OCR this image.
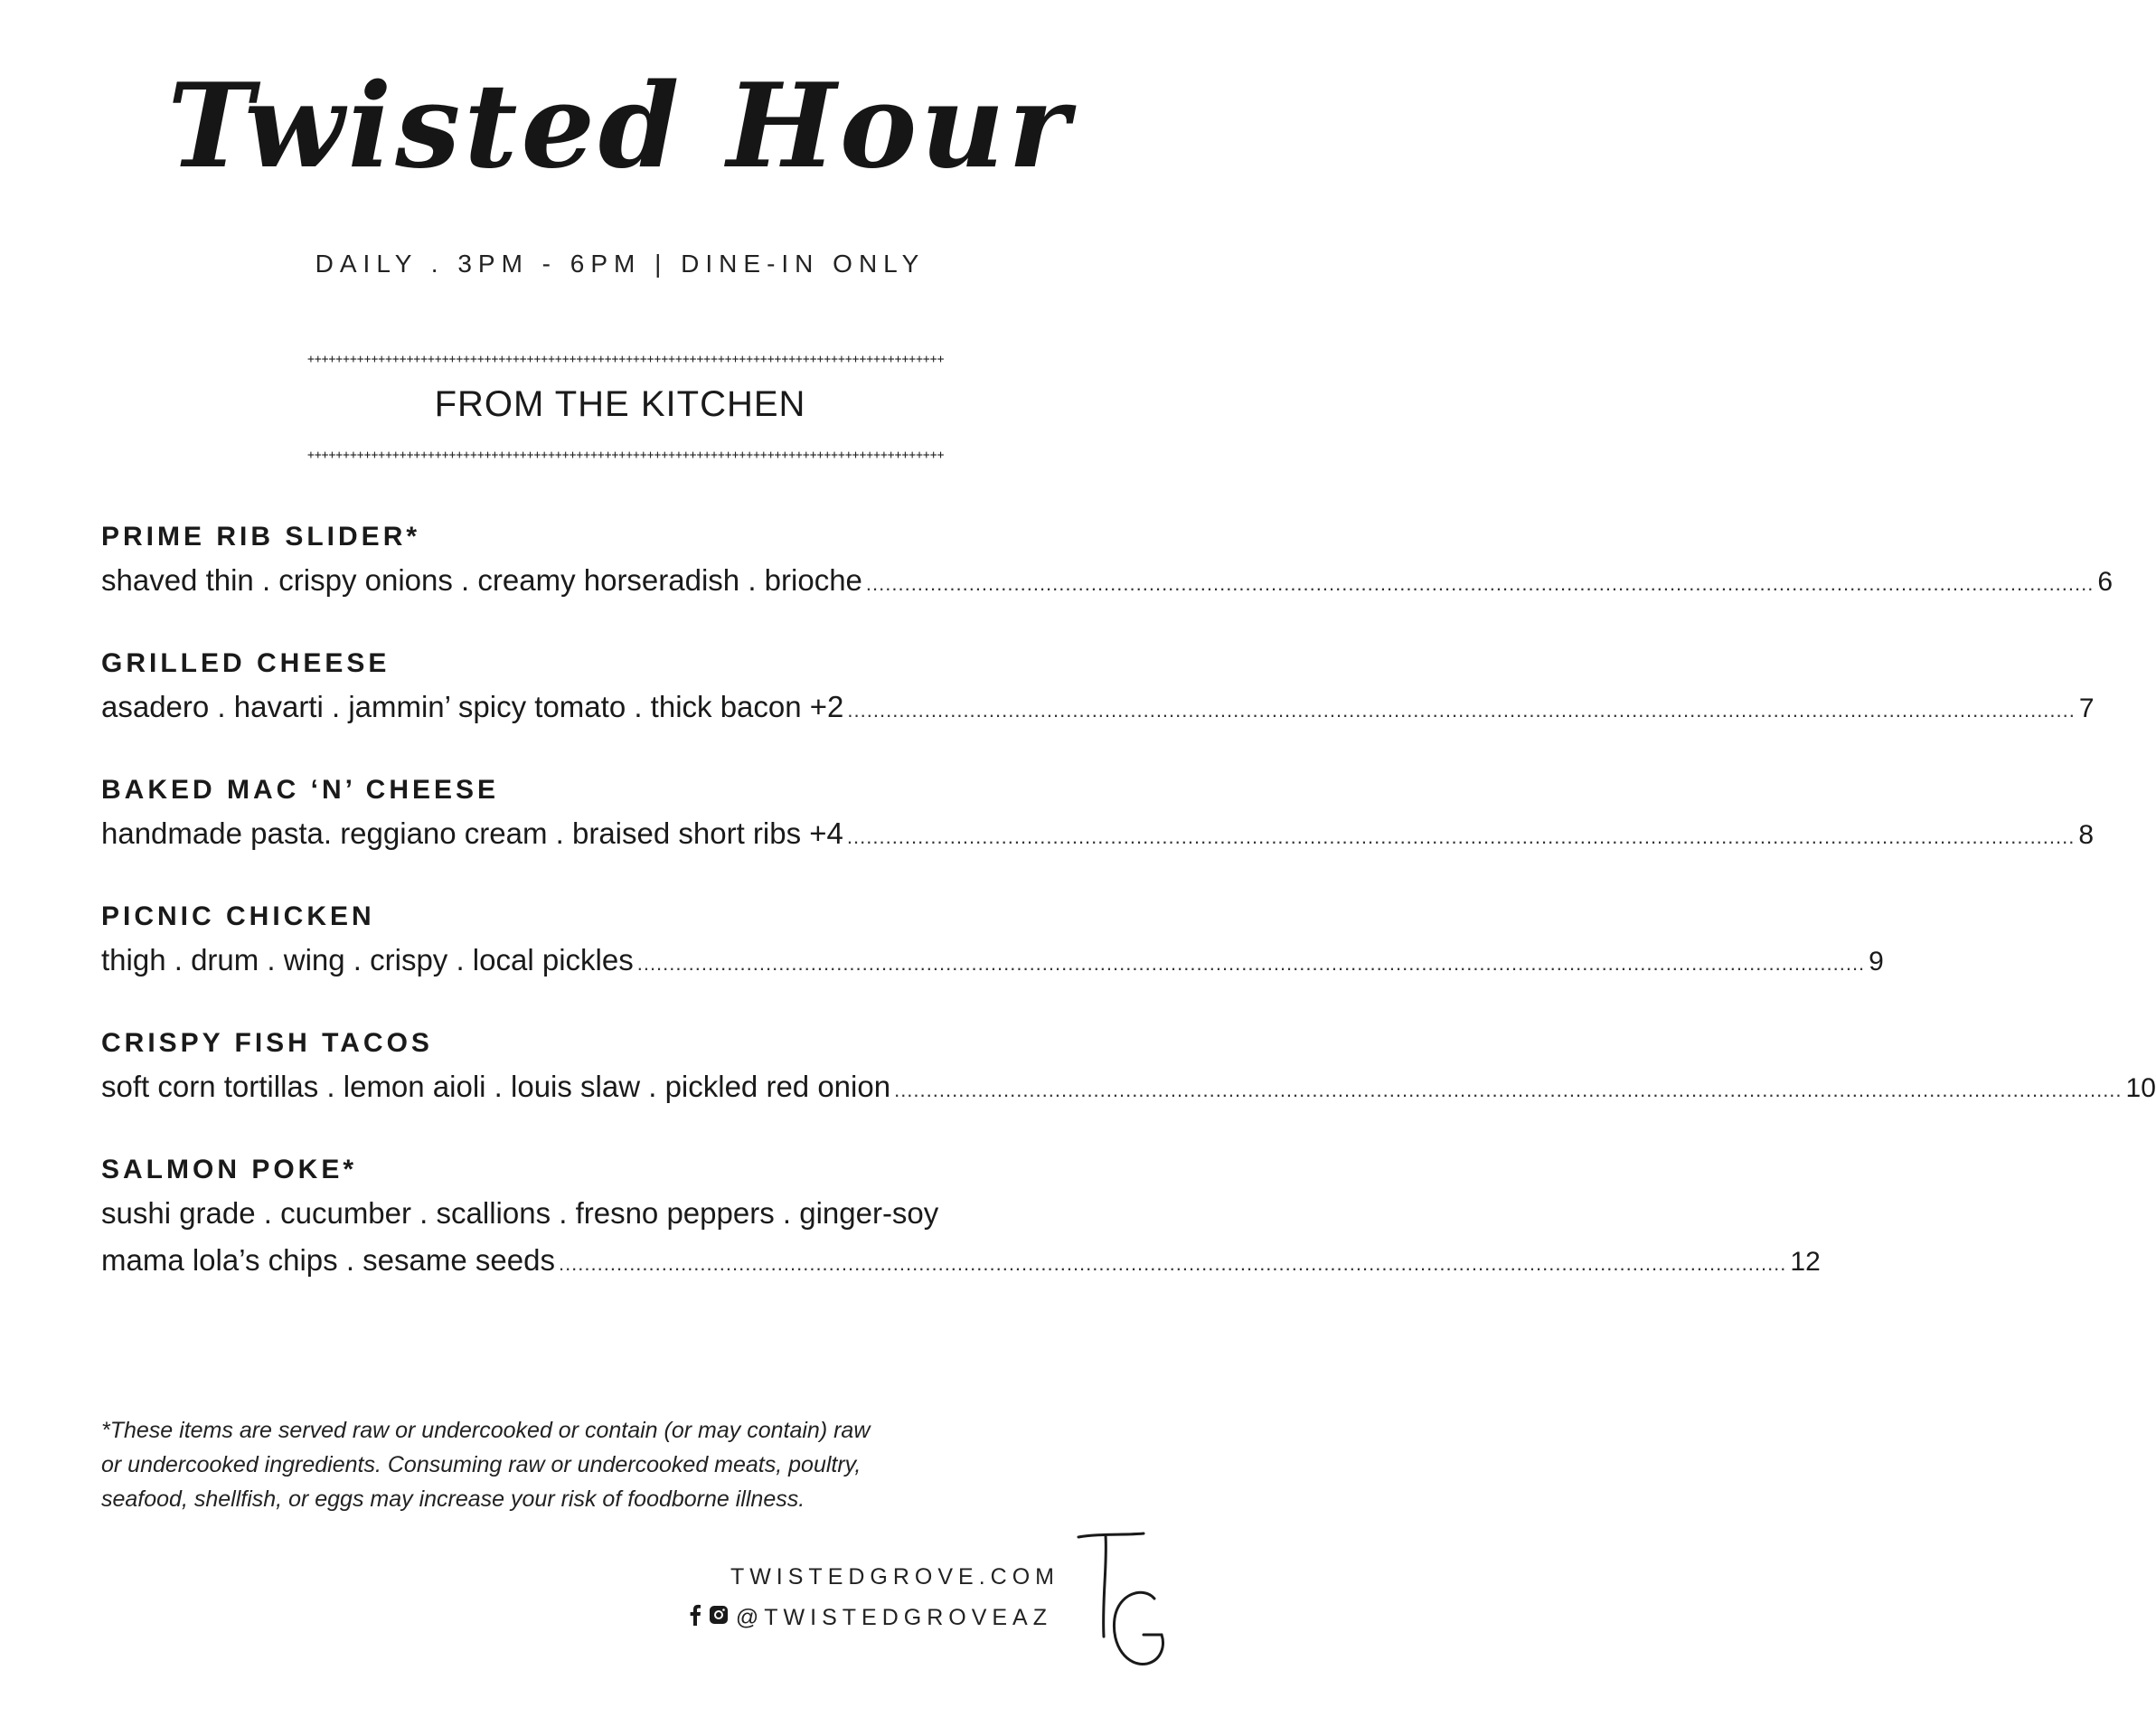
Twisted Hour
DAILY . 3PM - 6PM | DINE-IN ONLY
++++++++++++++++++++++++++++++++++++++++++++++++++++++++++++++++++++++++++++++++++++++++++
FROM THE KITCHEN
++++++++++++++++++++++++++++++++++++++++++++++++++++++++++++++++++++++++++++++++++++++++++
PRIME RIB SLIDER*
shaved thin . crispy onions . creamy horseradish . brioche ............................................................................................................................................................................................... 6
GRILLED CHEESE
asadero . havarti . jammin’ spicy tomato . thick bacon +2 ............................................................................................................................................................................................... 7
BAKED MAC ‘N’ CHEESE
handmade pasta. reggiano cream . braised short ribs +4 ............................................................................................................................................................................................... 8
PICNIC CHICKEN
thigh . drum . wing . crispy . local pickles ............................................................................................................................................................................................... 9
CRISPY FISH TACOS
soft corn tortillas . lemon aioli . louis slaw . pickled red onion ............................................................................................................................................................................................... 10
SALMON POKE*
sushi grade . cucumber . scallions . fresno peppers . ginger-soy
mama lola’s chips . sesame seeds ............................................................................................................................................................................................... 12
*These items are served raw or undercooked or contain (or may contain) raw
or undercooked ingredients. Consuming raw or undercooked meats, poultry,
seafood, shellfish, or eggs may increase your risk of foodborne illness.
TWISTEDGROVE.COM
@TWISTEDGROVEAZ
